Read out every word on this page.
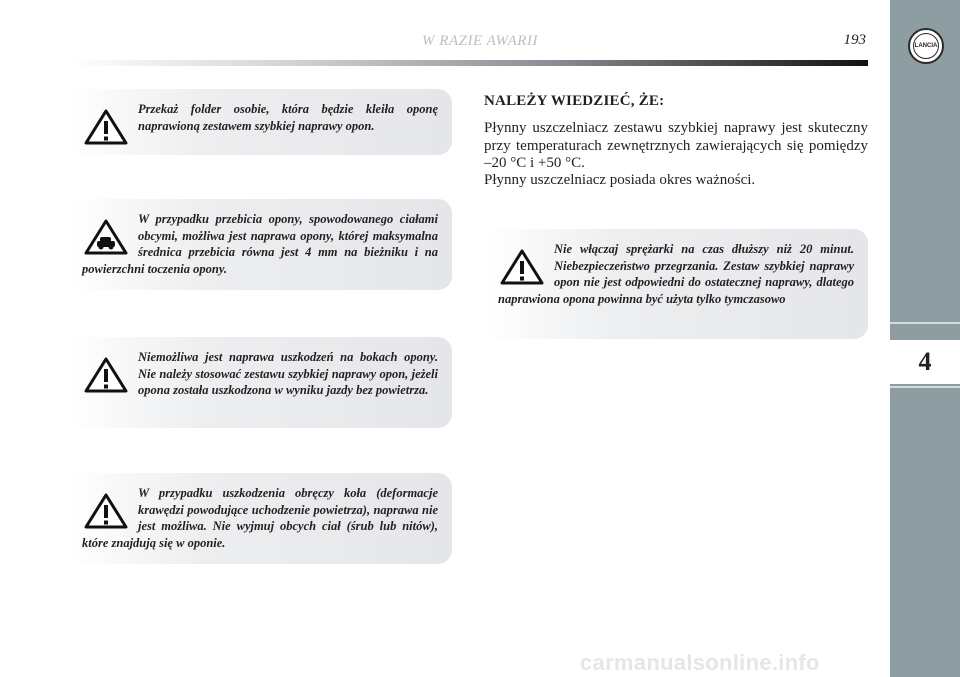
W RAZIE AWARII	193	LANCIA
4
Przekaż folder osobie, która będzie kleiła oponę naprawioną zestawem szybkiej naprawy opon.
W przypadku przebicia opony, spowodowanego ciałami obcymi, możliwa jest naprawa opony, której maksymalna średnica przebicia równa jest 4 mm na bieżniku i na powierzchni toczenia opony.
Niemożliwa jest naprawa uszkodzeń na bokach opony. Nie należy stosować zestawu szybkiej naprawy opon, jeżeli opona została uszkodzona w wyniku jazdy bez powietrza.
W przypadku uszkodzenia obręczy koła (deformacje krawędzi powodujące uchodzenie powietrza), naprawa nie jest możliwa. Nie wyjmuj obcych ciał (śrub lub nitów), które znajdują się w oponie.
NALEŻY WIEDZIEĆ, ŻE:
Płynny uszczelniacz zestawu szybkiej naprawy jest skuteczny przy temperaturach zewnętrznych zawierających się pomiędzy –20 °C i +50 °C.
Płynny uszczelniacz posiada okres ważności.
Nie włączaj sprężarki na czas dłuższy niż 20 minut. Niebezpieczeństwo przegrzania. Zestaw szybkiej naprawy opon nie jest odpowiedni do ostatecznej naprawy, dlatego naprawiona opona powinna być użyta tylko tymczasowo
carmanualsonline.info
